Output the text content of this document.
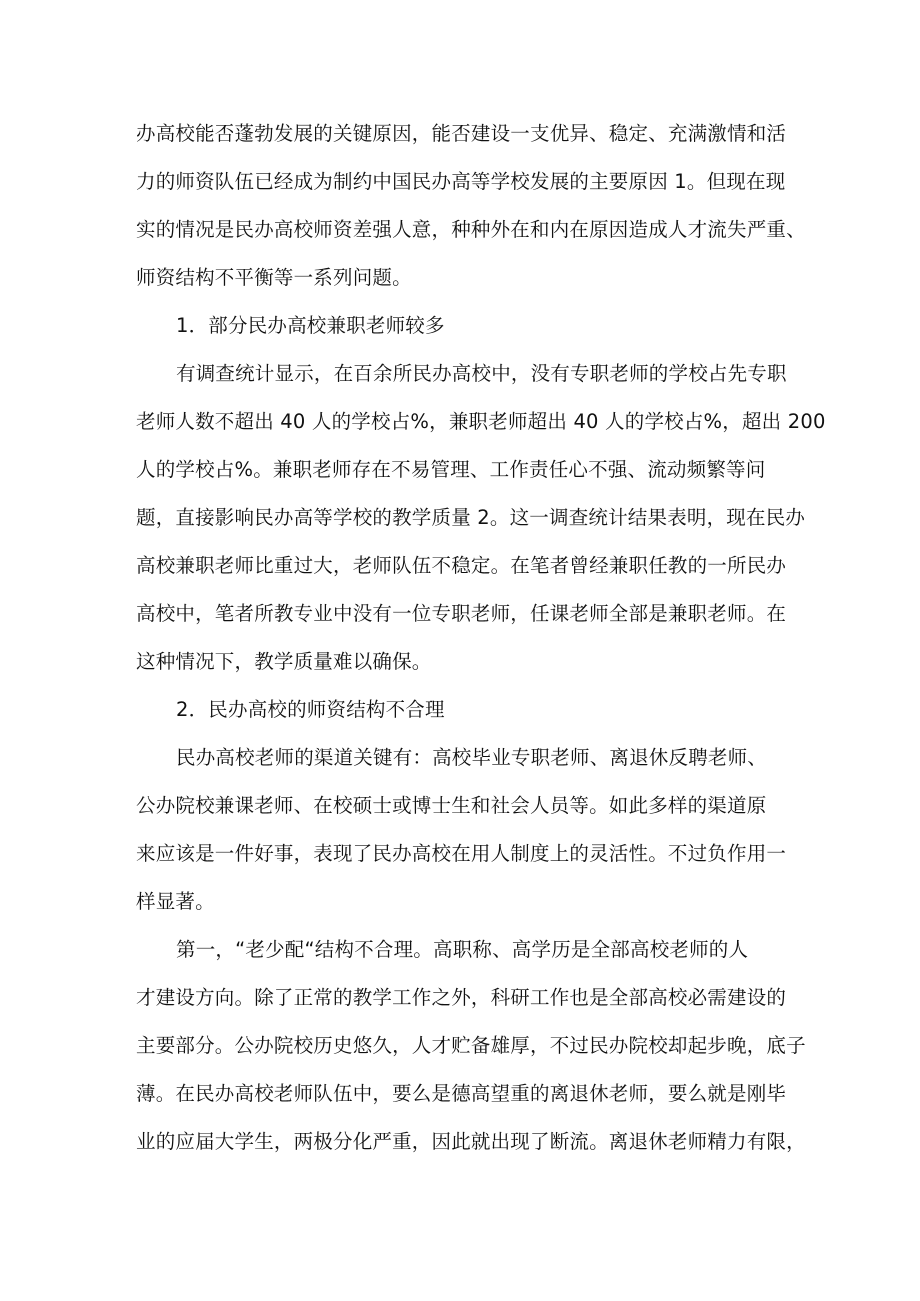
办高校能否蓬勃发展的关键原因，能否建设一支优异、稳定、充满激情和活
力的师资队伍已经成为制约中国民办高等学校发展的主要原因 1。但现在现
实的情况是民办高校师资差强人意，种种外在和内在原因造成人才流失严重、
师资结构不平衡等一系列问题。
1．部分民办高校兼职老师较多
有调查统计显示，在百余所民办高校中，没有专职老师的学校占先专职
老师人数不超出 40 人的学校占%，兼职老师超出 40 人的学校占%，超出 200
人的学校占%。兼职老师存在不易管理、工作责任心不强、流动频繁等问
题，直接影响民办高等学校的教学质量 2。这一调查统计结果表明，现在民办
高校兼职老师比重过大，老师队伍不稳定。在笔者曾经兼职任教的一所民办
高校中，笔者所教专业中没有一位专职老师，任课老师全部是兼职老师。在
这种情况下，教学质量难以确保。
2．民办高校的师资结构不合理
民办高校老师的渠道关键有：高校毕业专职老师、离退休反聘老师、
公办院校兼课老师、在校硕士或博士生和社会人员等。如此多样的渠道原
来应该是一件好事，表现了民办高校在用人制度上的灵活性。不过负作用一
样显著。
第一，“老少配“结构不合理。高职称、高学历是全部高校老师的人
才建设方向。除了正常的教学工作之外，科研工作也是全部高校必需建设的
主要部分。公办院校历史悠久，人才贮备雄厚，不过民办院校却起步晚，底子
薄。在民办高校老师队伍中，要么是德高望重的离退休老师，要么就是刚毕
业的应届大学生，两极分化严重，因此就出现了断流。离退休老师精力有限，
